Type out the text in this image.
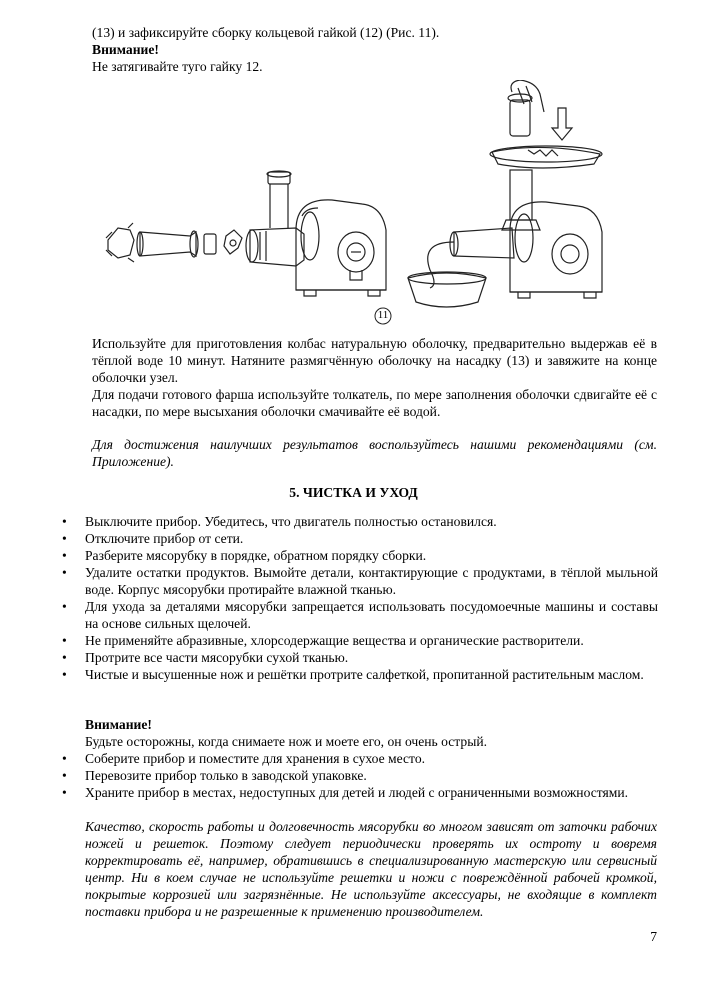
(13) и зафиксируйте сборку кольцевой гайкой (12) (Рис. 11).
Внимание!
Не затягивайте туго гайку 12.
11
Используйте для приготовления колбас натуральную оболочку, предварительно выдержав её в тёплой воде 10 минут. Натяните размягчённую оболочку на насадку (13) и завяжите на конце оболочки узел.
Для подачи готового фарша используйте толкатель, по мере заполнения оболочки сдвигайте её с насадки, по мере высыхания оболочки смачивайте её водой.
Для достижения наилучших результатов воспользуйтесь нашими рекомендациями (см. Приложение).
5. ЧИСТКА И УХОД
• Выключите прибор. Убедитесь, что двигатель полностью остановился.
• Отключите прибор от сети.
• Разберите мясорубку в порядке, обратном порядку сборки.
• Удалите остатки продуктов. Вымойте детали, контактирующие с продуктами, в тёплой мыльной воде. Корпус мясорубки протирайте влажной тканью.
• Для ухода за деталями мясорубки запрещается использовать посудомоечные машины и составы на основе сильных щелочей.
• Не применяйте абразивные, хлорсодержащие вещества и органические растворители.
• Протрите все части мясорубки сухой тканью.
• Чистые и высушенные нож и решётки протрите салфеткой, пропитанной растительным маслом.
Внимание!
Будьте осторожны, когда снимаете нож и моете его, он очень острый.
• Соберите прибор и поместите для хранения в сухое место.
• Перевозите прибор только в заводской упаковке.
• Храните прибор в местах, недоступных для детей и людей с ограниченными возможностями.
Качество, скорость работы и долговечность мясорубки во многом зависят от заточки рабочих ножей и решеток. Поэтому следует периодически проверять их остроту и вовремя корректировать её, например, обратившись в специализированную мастерскую или сервисный центр. Ни в коем случае не используйте решетки и ножи с повреждённой рабочей кромкой, покрытые коррозией или загрязнённые. Не используйте аксессуары, не входящие в комплект поставки прибора и не разрешенные к применению производителем.
7
